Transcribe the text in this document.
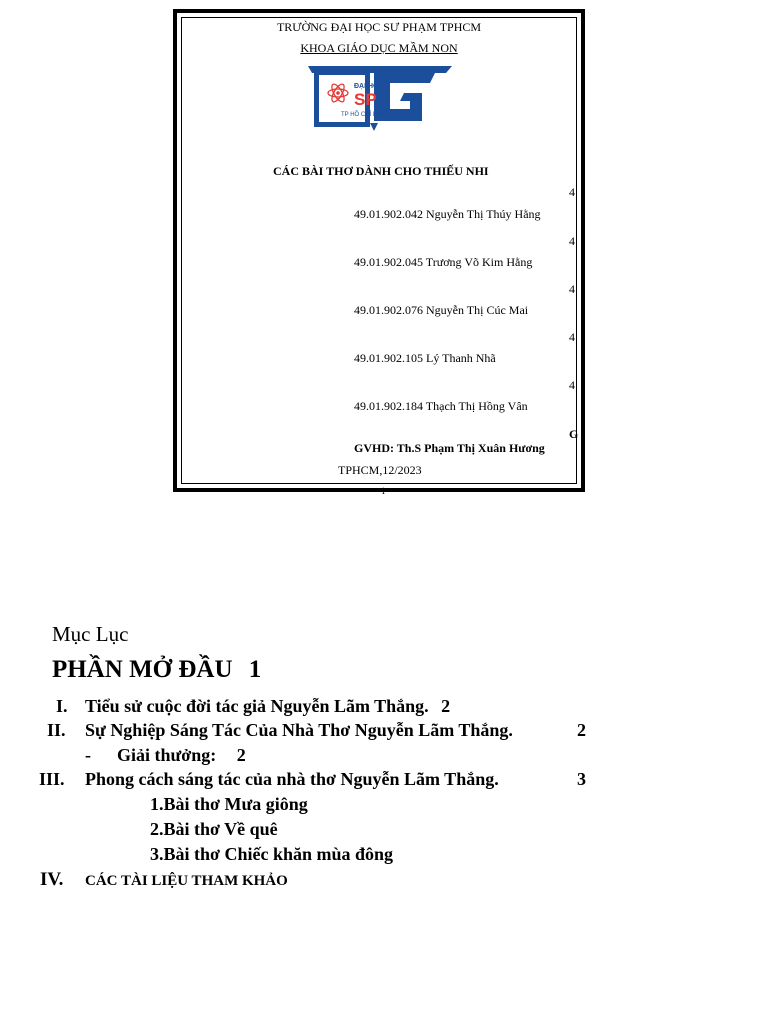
TRƯỜNG ĐẠI HỌC SƯ PHẠM TPHCM
KHOA GIÁO DỤC MẦM NON
ĐẠI HỌC
SP
TP HỒ CHÍ MINH
CÁC BÀI THƠ DÀNH CHO THIẾU NHI
4
49.01.902.042 Nguyễn Thị Thúy Hằng
4
49.01.902.045 Trương Võ Kim Hằng
4
49.01.902.076 Nguyễn Thị Cúc Mai
4
49.01.902.105 Lý Thanh Nhã
4
49.01.902.184 Thạch Thị Hồng Vân
G
GVHD: Th.S Phạm Thị Xuân Hương
TPHCM,12/2023
1
Mục Lục
PHẦN MỞ ĐẦU 1
I. Tiểu sử cuộc đời tác giả Nguyễn Lãm Thắng. 2
II. Sự Nghiệp Sáng Tác Của Nhà Thơ Nguyễn Lãm Thắng.	2
- Giải thưởng: 2
III. Phong cách sáng tác của nhà thơ Nguyễn Lãm Thắng.	3
1.Bài thơ Mưa giông
2.Bài thơ Về quê
3.Bài thơ Chiếc khăn mùa đông
IV. CÁC TÀI LIỆU THAM KHẢO
